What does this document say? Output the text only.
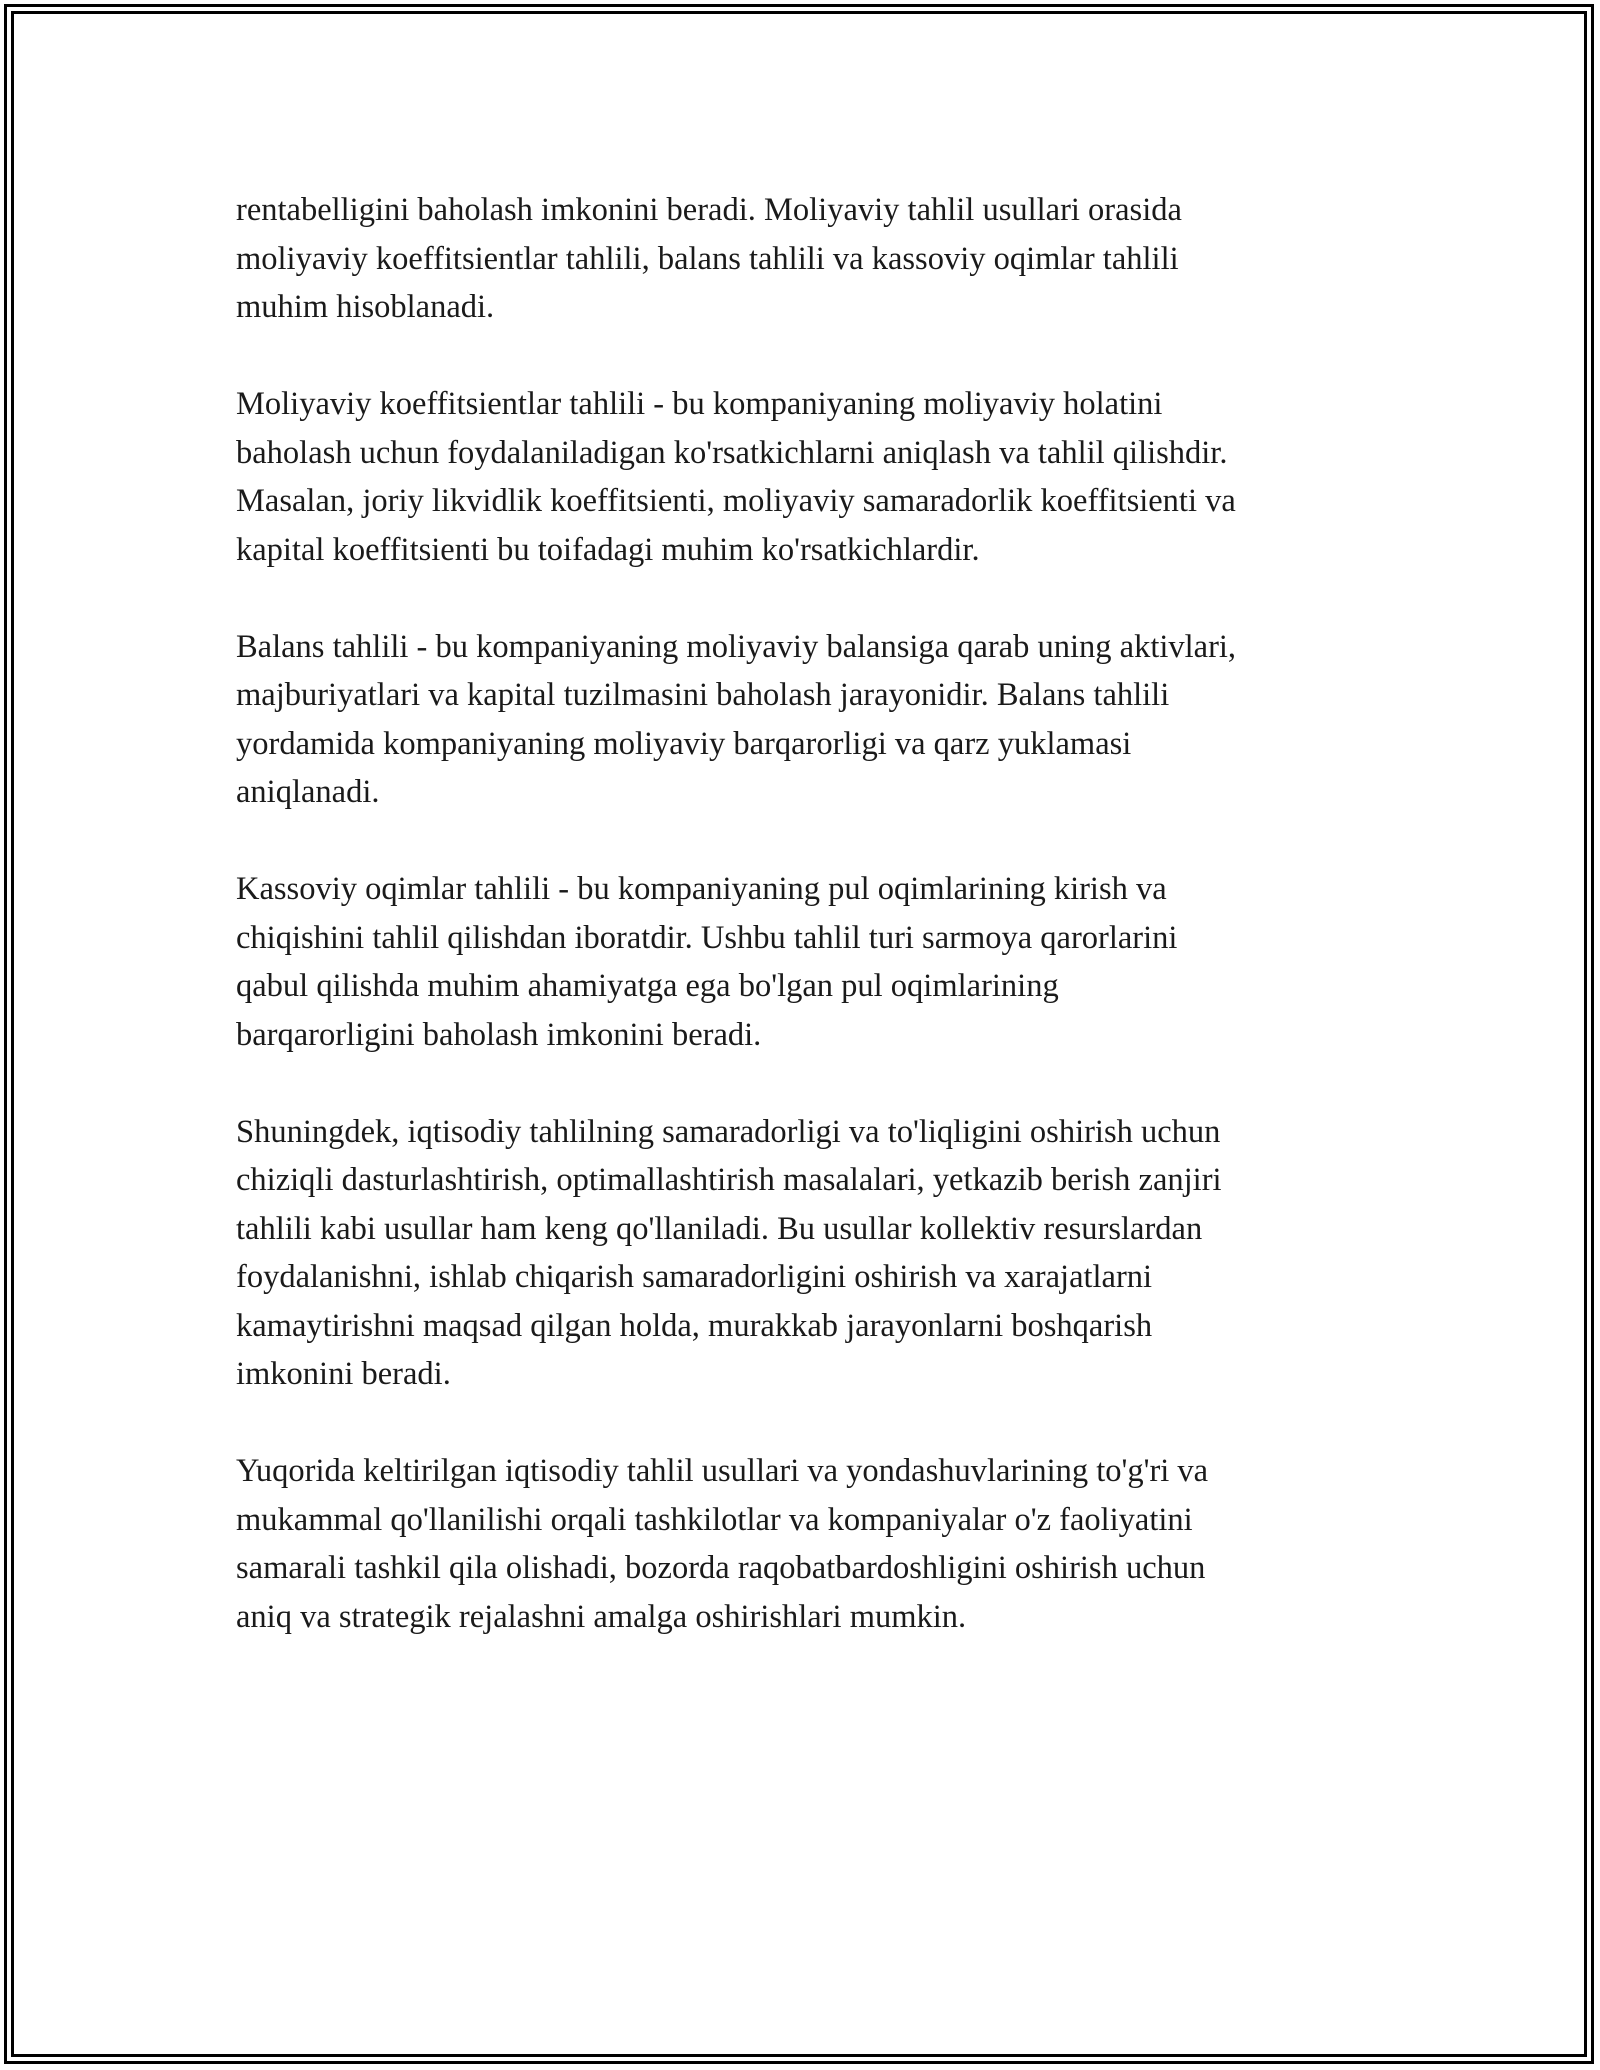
rentabelligini baholash imkonini beradi. Moliyaviy tahlil usullari orasida
moliyaviy koeffitsientlar tahlili, balans tahlili va kassoviy oqimlar tahlili
muhim hisoblanadi.

Moliyaviy koeffitsientlar tahlili - bu kompaniyaning moliyaviy holatini
baholash uchun foydalaniladigan ko'rsatkichlarni aniqlash va tahlil qilishdir.
Masalan, joriy likvidlik koeffitsienti, moliyaviy samaradorlik koeffitsienti va
kapital koeffitsienti bu toifadagi muhim ko'rsatkichlardir.

Balans tahlili - bu kompaniyaning moliyaviy balansiga qarab uning aktivlari,
majburiyatlari va kapital tuzilmasini baholash jarayonidir. Balans tahlili
yordamida kompaniyaning moliyaviy barqarorligi va qarz yuklamasi
aniqlanadi.

Kassoviy oqimlar tahlili - bu kompaniyaning pul oqimlarining kirish va
chiqishini tahlil qilishdan iboratdir. Ushbu tahlil turi sarmoya qarorlarini
qabul qilishda muhim ahamiyatga ega bo'lgan pul oqimlarining
barqarorligini baholash imkonini beradi.

Shuningdek, iqtisodiy tahlilning samaradorligi va to'liqligini oshirish uchun
chiziqli dasturlashtirish, optimallashtirish masalalari, yetkazib berish zanjiri
tahlili kabi usullar ham keng qo'llaniladi. Bu usullar kollektiv resurslardan
foydalanishni, ishlab chiqarish samaradorligini oshirish va xarajatlarni
kamaytirishni maqsad qilgan holda, murakkab jarayonlarni boshqarish
imkonini beradi.

Yuqorida keltirilgan iqtisodiy tahlil usullari va yondashuvlarining to'g'ri va
mukammal qo'llanilishi orqali tashkilotlar va kompaniyalar o'z faoliyatini
samarali tashkil qila olishadi, bozorda raqobatbardoshligini oshirish uchun
aniq va strategik rejalashni amalga oshirishlari mumkin.
